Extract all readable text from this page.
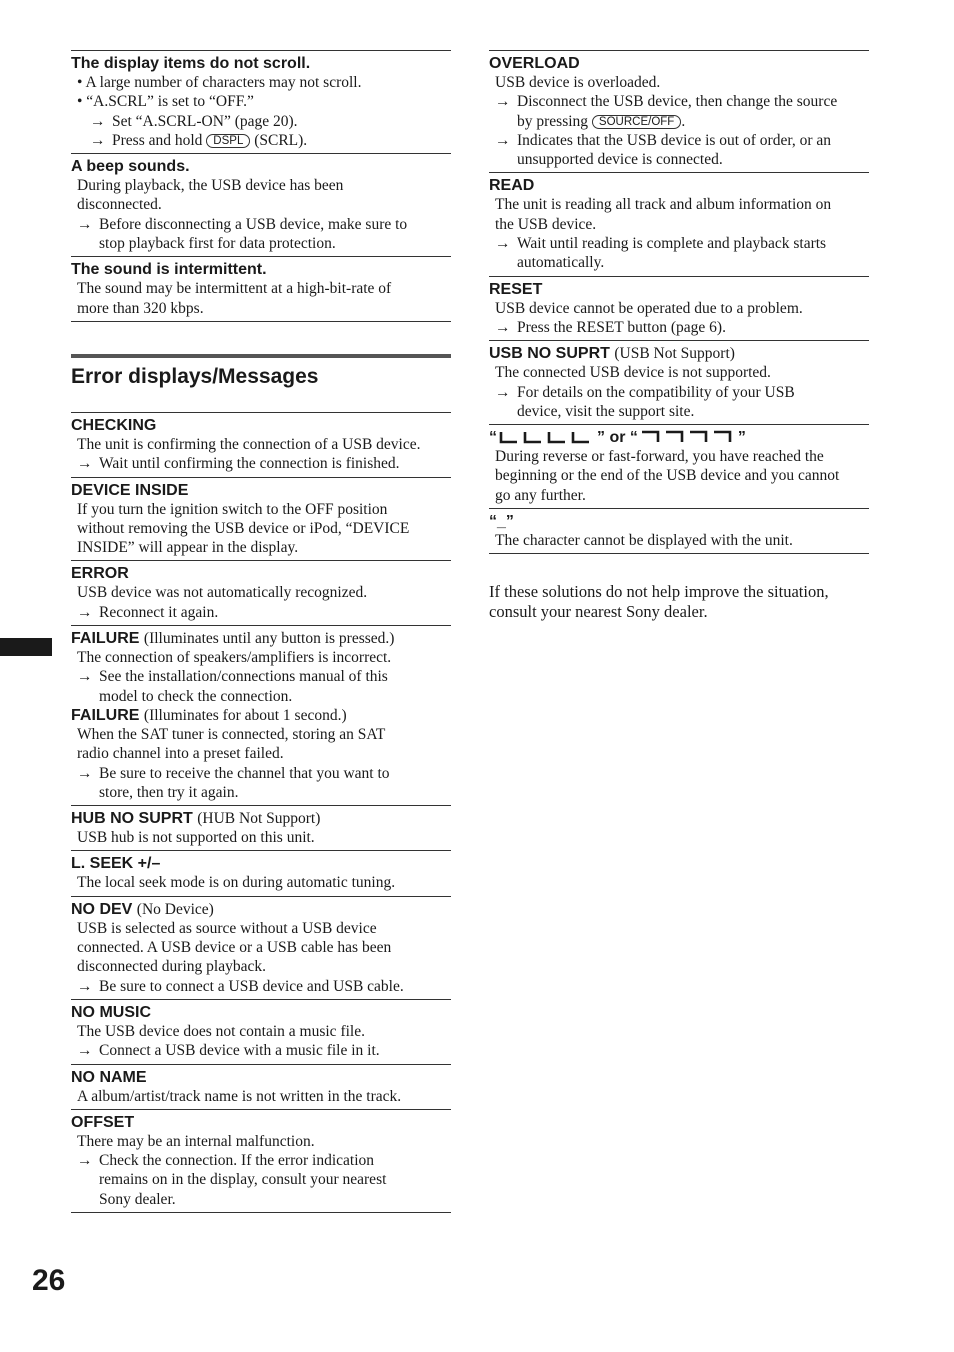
The display items do not scroll.
• A large number of characters may not scroll.
• “A.SCRL” is set to “OFF.”
→ Set “A.SCRL-ON” (page 20).
→ Press and hold DSPL (SCRL).
A beep sounds.
During playback, the USB device has been
disconnected.
→ Before disconnecting a USB device, make sure to
stop playback first for data protection.
The sound is intermittent.
The sound may be intermittent at a high-bit-rate of
more than 320 kbps.
Error displays/Messages
CHECKING
The unit is confirming the connection of a USB device.
→ Wait until confirming the connection is finished.
DEVICE INSIDE
If you turn the ignition switch to the OFF position
without removing the USB device or iPod, “DEVICE
INSIDE” will appear in the display.
ERROR
USB device was not automatically recognized.
→ Reconnect it again.
FAILURE (Illuminates until any button is pressed.)
The connection of speakers/amplifiers is incorrect.
→ See the installation/connections manual of this
model to check the connection.
FAILURE (Illuminates for about 1 second.)
When the SAT tuner is connected, storing an SAT
radio channel into a preset failed.
→ Be sure to receive the channel that you want to
store, then try it again.
HUB NO SUPRT (HUB Not Support)
USB hub is not supported on this unit.
L. SEEK +/–
The local seek mode is on during automatic tuning.
NO DEV (No Device)
USB is selected as source without a USB device
connected. A USB device or a USB cable has been
disconnected during playback.
→ Be sure to connect a USB device and USB cable.
NO MUSIC
The USB device does not contain a music file.
→ Connect a USB device with a music file in it.
NO NAME
A album/artist/track name is not written in the track.
OFFSET
There may be an internal malfunction.
→ Check the connection. If the error indication
remains on in the display, consult your nearest
Sony dealer.
OVERLOAD
USB device is overloaded.
→ Disconnect the USB device, then change the source
by pressing SOURCE/OFF .
→ Indicates that the USB device is out of order, or an
unsupported device is connected.
READ
The unit is reading all track and album information on
the USB device.
→ Wait until reading is complete and playback starts
automatically.
RESET
USB device cannot be operated due to a problem.
→ Press the RESET button (page 6).
USB NO SUPRT (USB Not Support)
The connected USB device is not supported.
→ For details on the compatibility of your USB
device, visit the support site.
“	” or “	”
During reverse or fast-forward, you have reached the
beginning or the end of the USB device and you cannot
go any further.
“_”
The character cannot be displayed with the unit.
If these solutions do not help improve the situation,
consult your nearest Sony dealer.
26
